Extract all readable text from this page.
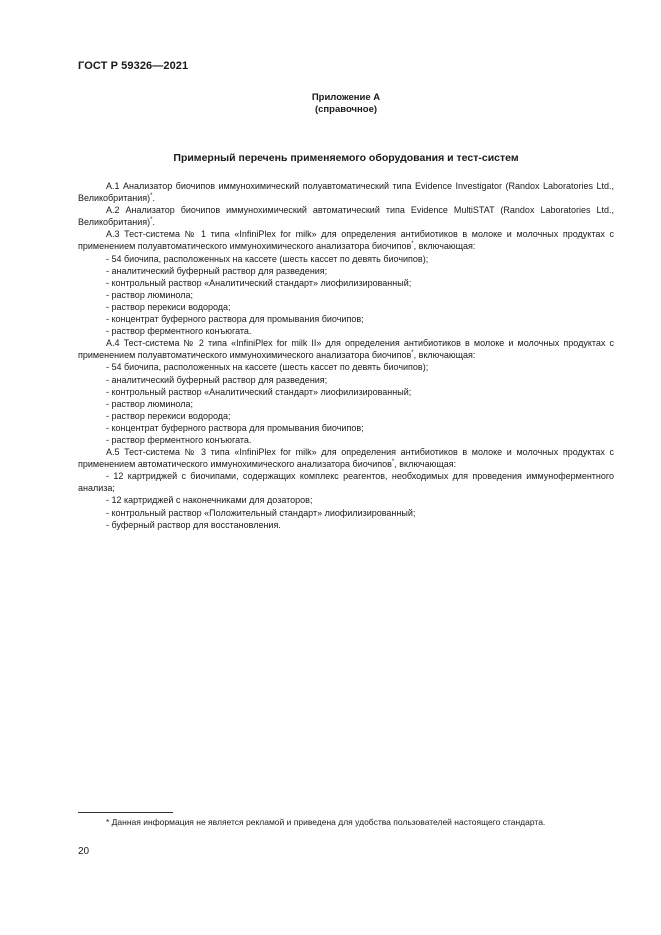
ГОСТ Р 59326—2021
Приложение А
(справочное)
Примерный перечень применяемого оборудования и тест-систем

А.1 Анализатор биочипов иммунохимический полуавтоматический типа Evidence Investigator (Randox Laboratories Ltd., Великобритания)*.

А.2 Анализатор биочипов иммунохимический автоматический типа Evidence MultiSTAT (Randox Laboratories Ltd., Великобритания)*.

А.3 Тест-система № 1 типа «InfiniPlex for milk» для определения антибиотиков в молоке и молочных продуктах с применением полуавтоматического иммунохимического анализатора биочипов*, включающая:

- 54 биочипа, расположенных на кассете (шесть кассет по девять биочипов);

- аналитический буферный раствор для разведения;

- контрольный раствор «Аналитический стандарт» лиофилизированный;

- раствор люминола;

- раствор перекиси водорода;

- концентрат буферного раствора для промывания биочипов;

- раствор ферментного конъюгата.

А.4 Тест-система № 2 типа «InfiniPlex for milk II» для определения антибиотиков в молоке и молочных продуктах с применением полуавтоматического иммунохимического анализатора биочипов*, включающая:

- 54 биочипа, расположенных на кассете (шесть кассет по девять биочипов);

- аналитический буферный раствор для разведения;

- контрольный раствор «Аналитический стандарт» лиофилизированный;

- раствор люминола;

- раствор перекиси водорода;

- концентрат буферного раствора для промывания биочипов;

- раствор ферментного конъюгата.

А.5 Тест-система № 3 типа «InfiniPlex for milk» для определения антибиотиков в молоке и молочных продуктах с применением автоматического иммунохимического анализатора биочипов*, включающая:

- 12 картриджей с биочипами, содержащих комплекс реагентов, необходимых для проведения иммуноферментного анализа;

- 12 картриджей с наконечниками для дозаторов;

- контрольный раствор «Положительный стандарт» лиофилизированный;

- буферный раствор для восстановления.

* Данная информация не является рекламой и приведена для удобства пользователей настоящего стандарта.

20
